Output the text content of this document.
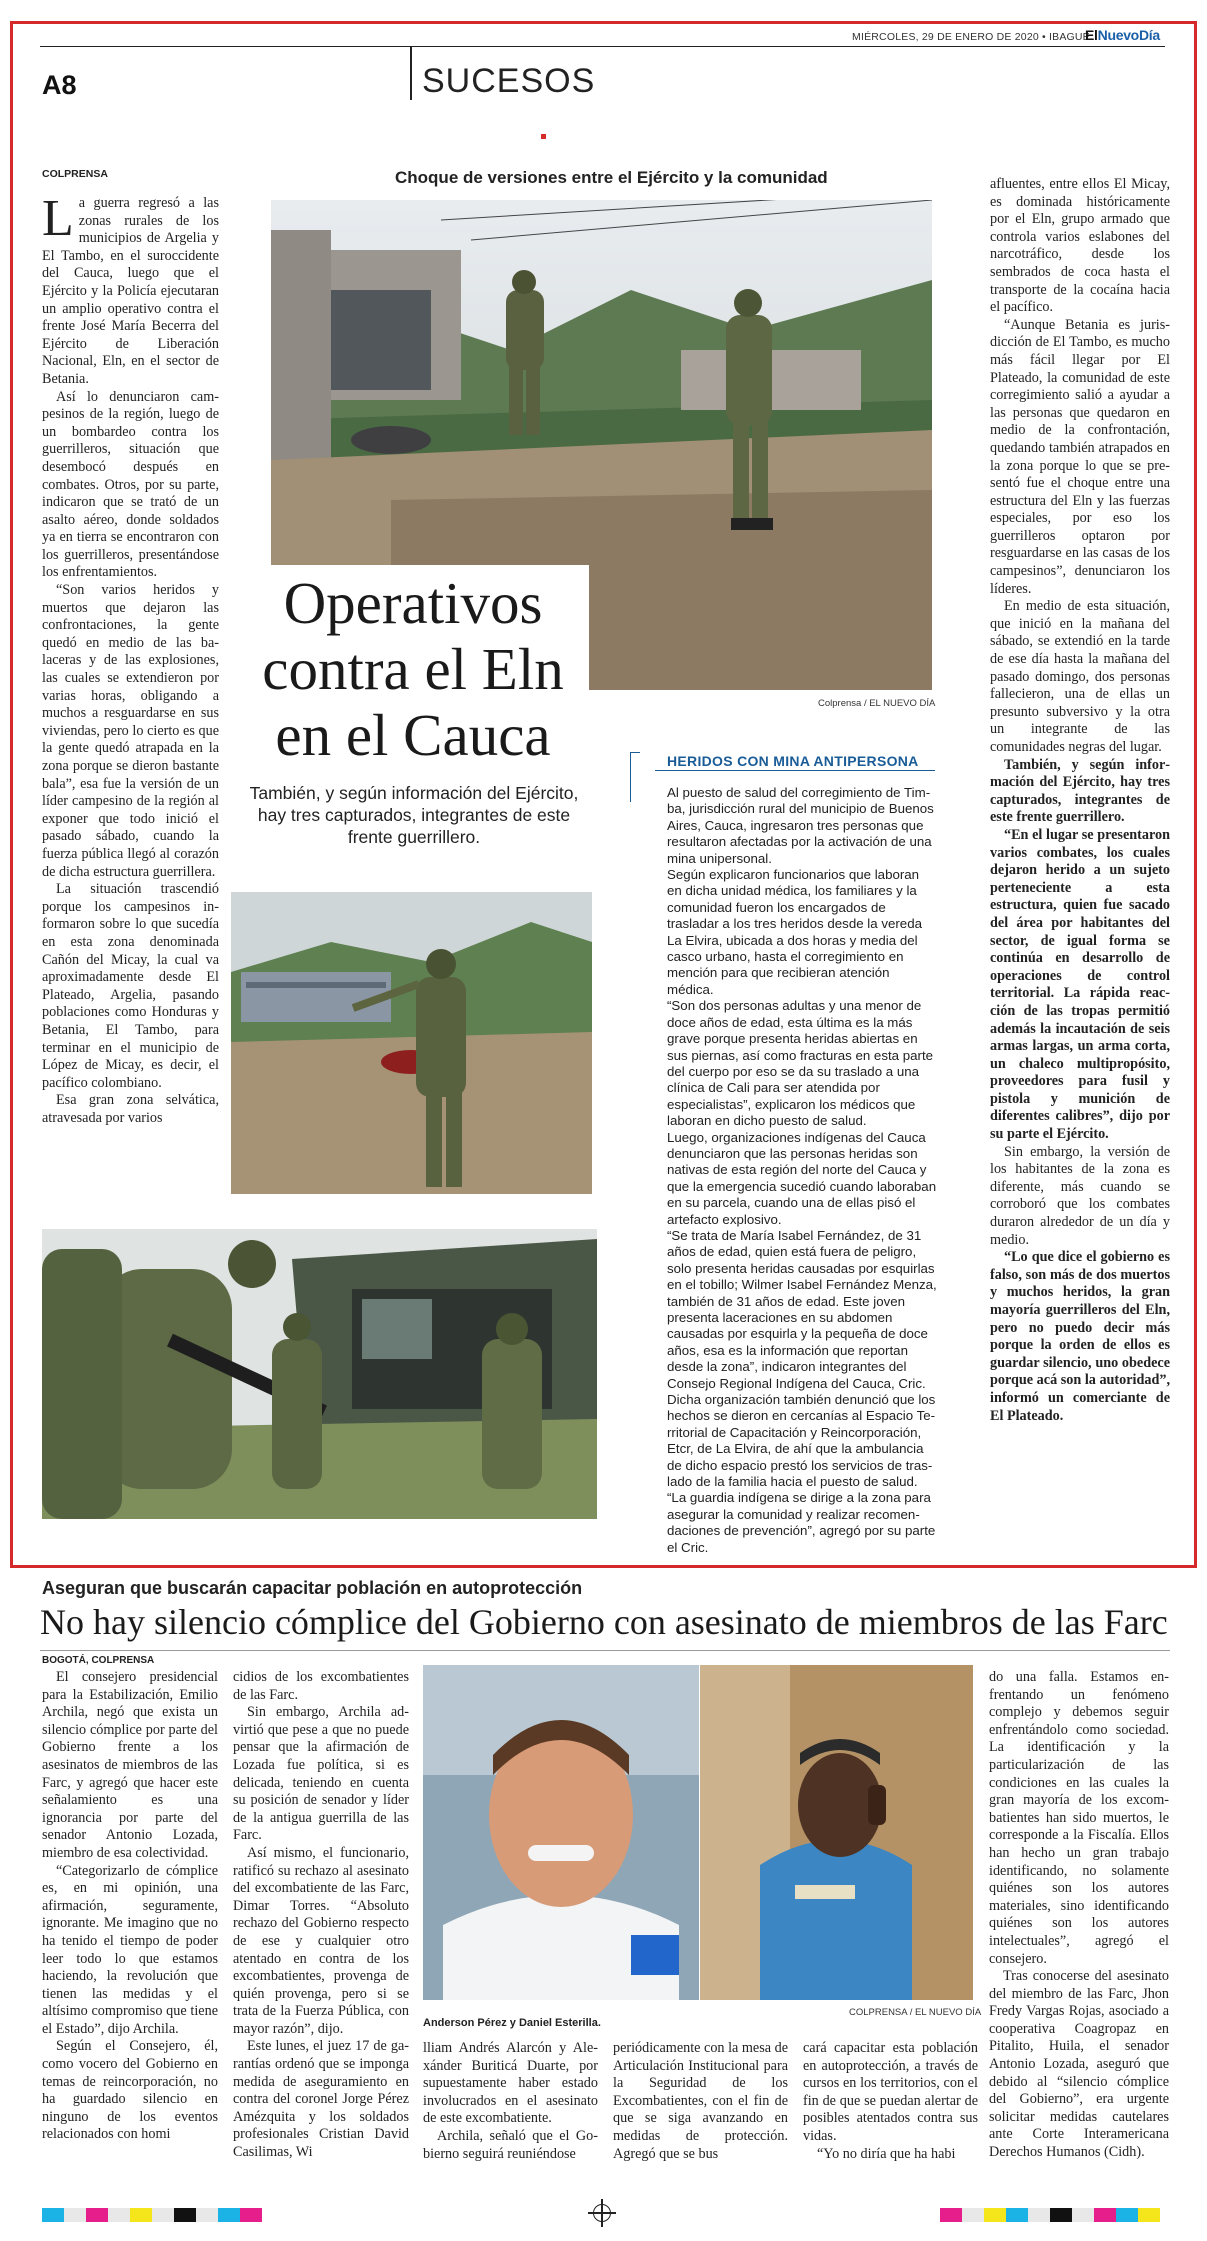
MIÉRCOLES, 29 DE ENERO DE 2020 • IBAGUÉ
ElNuevoDía
A8	SUCESOS
COLPRENSA	Choque de versiones entre el Ejército y la comunidad

La guerra regresó a las zonas rurales de los municipios de Argelia y El Tambo, en el suroccidente del Cauca, luego que el Ejército y la Policía ejecutaran un amplio operativo contra el frente José María Becerra del Ejército de Liberación Nacional, Eln, en el sector de Betania.

Así lo denunciaron campesinos de la región, luego de un bombardeo contra los guerrilleros, situación que desembocó después en combates. Otros, por su parte, indicaron que se trató de un asalto aéreo, donde soldados ya en tierra se encontraron con los guerrilleros, presentándose los enfrentamientos.

“Son varios heridos y muertos que dejaron las confrontaciones, la gente quedó en medio de las balaceras y de las explosiones, las cuales se extendieron por varias horas, obligando a muchos a resguardarse en sus viviendas, pero lo cierto es que la gente quedó atrapada en la zona porque se dieron bastante bala”, esa fue la versión de un líder campesino de la región al exponer que todo inició el pasado sábado, cuando la fuerza pública llegó al corazón de dicha estructura guerrillera.

La situación trascendió porque los campesinos informaron sobre lo que sucedía en esta zona denominada Cañón del Micay, la cual va aproximadamente desde El Plateado, Argelia, pasando poblaciones como Honduras y Betania, El Tambo, para terminar en el municipio de López de Micay, es decir, el pacífico colombiano.

Esa gran zona selvática, atravesada por varios

Operativos
contra el Eln
en el Cauca	Colprensa / EL NUEVO DÍA
También, y según información del Ejército, hay tres capturados, integrantes de este frente guerrillero.
HERIDOS CON MINA ANTIPERSONA

Al puesto de salud del corregimiento de Timba, jurisdicción rural del municipio de Buenos Aires, Cauca, ingresaron tres personas que resultaron afectadas por la activación de una mina unipersonal.

Según explicaron funcionarios que laboran en dicha unidad médica, los familiares y la comunidad fueron los encargados de trasladar a los tres heridos desde la vereda La Elvira, ubicada a dos horas y media del casco urbano, hasta el corregimiento en mención para que recibieran atención médica.

“Son dos personas adultas y una menor de doce años de edad, esta última es la más grave porque presenta heridas abiertas en sus piernas, así como fracturas en esta parte del cuerpo por eso se da su traslado a una clínica de Cali para ser atendida por especialistas”, explicaron los médicos que laboran en dicho puesto de salud.

Luego, organizaciones indígenas del Cauca denunciaron que las personas heridas son nativas de esta región del norte del Cauca y que la emergencia sucedió cuando laboraban en su parcela, cuando una de ellas pisó el artefacto explosivo.

“Se trata de María Isabel Fernández, de 31 años de edad, quien está fuera de peligro, solo presenta heridas causadas por esquirlas en el tobillo; Wilmer Isabel Fernández Menza, también de 31 años de edad. Este joven presenta laceraciones en su abdomen causadas por esquirla y la pequeña de doce años, esa es la información que reportan desde la zona”, indicaron integrantes del Consejo Regional Indígena del Cauca, Cric.

Dicha organización también denunció que los hechos se dieron en cercanías al Espacio Territorial de Capacitación y Reincorporación, Etcr, de La Elvira, de ahí que la ambulancia de dicho espacio prestó los servicios de traslado de la familia hacia el puesto de salud.

“La guardia indígena se dirige a la zona para asegurar la comunidad y realizar recomendaciones de prevención”, agregó por su parte el Cric.

afluentes, entre ellos El Micay, es dominada históricamente por el Eln, grupo armado que controla varios eslabones del narcotráfico, desde los sembrados de coca hasta el transporte de la cocaína hacia el pacífico.

“Aunque Betania es jurisdicción de El Tambo, es mucho más fácil llegar por El Plateado, la comunidad de este corregimiento salió a ayudar a las personas que quedaron en medio de la confrontación, quedando también atrapados en la zona porque lo que se presentó fue el choque entre una estructura del Eln y las fuerzas especiales, por eso los guerrilleros optaron por resguardarse en las casas de los campesinos”, denunciaron los líderes.

En medio de esta situación, que inició en la mañana del sábado, se extendió en la tarde de ese día hasta la mañana del pasado domingo, dos personas fallecieron, una de ellas un presunto subversivo y la otra un integrante de las comunidades negras del lugar.

También, y según información del Ejército, hay tres capturados, integrantes de este frente guerrillero.

“En el lugar se presentaron varios combates, los cuales dejaron herido a un sujeto perteneciente a esta estructura, quien fue sacado del área por habitantes del sector, de igual forma se continúa en desarrollo de operaciones de control territorial. La rápida reacción de las tropas permitió además la incautación de seis armas largas, un arma corta, un chaleco multipropósito, proveedores para fusil y pistola y munición de diferentes calibres”, dijo por su parte el Ejército.

Sin embargo, la versión de los habitantes de la zona es diferente, más cuando se corroboró que los combates duraron alrededor de un día y medio.

“Lo que dice el gobierno es falso, son más de dos muertos y muchos heridos, la gran mayoría guerrilleros del Eln, pero no puedo decir más porque la orden de ellos es guardar silencio, uno obedece porque acá son la autoridad”, informó un comerciante de El Plateado.

Aseguran que buscarán capacitar población en autoprotección
No hay silencio cómplice del Gobierno con asesinato de miembros de las Farc
BOGOTÁ, COLPRENSA

El consejero presidencial para la Estabilización, Emilio Archila, negó que exista un silencio cómplice por parte del Gobierno frente a los asesinatos de miembros de las Farc, y agregó que hacer este señalamiento es una ignorancia por parte del senador Antonio Lozada, miembro de esa colectividad.

“Categorizarlo de cómplice es, en mi opinión, una afirmación, seguramente, ignorante. Me imagino que no ha tenido el tiempo de poder leer todo lo que estamos haciendo, la revolución que tienen las medidas y el altísimo compromiso que tiene el Estado”, dijo Archila.

Según el Consejero, él, como vocero del Gobierno en temas de reincorporación, no ha guardado silencio en ninguno de los eventos relacionados con homi

cidios de los excombatientes de las Farc.

Sin embargo, Archila advirtió que pese a que no puede pensar que la afirmación de Lozada fue política, si es delicada, teniendo en cuenta su posición de senador y líder de la antigua guerrilla de las Farc.

Así mismo, el funcionario, ratificó su rechazo al asesinato del excombatiente de las Farc, Dimar Torres. “Absoluto rechazo del Gobierno respecto de ese y cualquier otro atentado en contra de los excombatientes, provenga de quién provenga, pero si se trata de la Fuerza Pública, con mayor razón”, dijo.

Este lunes, el juez 17 de garantías ordenó que se imponga medida de aseguramiento en contra del coronel Jorge Pérez Amézquita y los soldados profesionales Cristian David Casilimas, Wi

Anderson Pérez y Daniel Esterilla.
COLPRENSA / EL NUEVO DÍA

lliam Andrés Alarcón y Alexánder Buriticá Duarte, por supuestamente haber estado involucrados en el asesinato de este excombatiente.

Archila, señaló que el Gobierno seguirá reuniéndose

periódicamente con la mesa de Articulación Institucional para la Seguridad de los Excombatientes, con el fin de que se siga avanzando en medidas de protección. Agregó que se bus

cará capacitar esta población en autoprotección, a través de cursos en los territorios, con el fin de que se puedan alertar de posibles atentados contra sus vidas.

“Yo no diría que ha habi

do una falla. Estamos enfrentando un fenómeno complejo y debemos seguir enfrentándolo como sociedad. La identificación y la particularización de las condiciones en las cuales la gran mayoría de los excombatientes han sido muertos, le corresponde a la Fiscalía. Ellos han hecho un gran trabajo identificando, no solamente quiénes son los autores materiales, sino identificando quiénes son los autores intelectuales”, agregó el consejero.

Tras conocerse del asesinato del miembro de las Farc, Jhon Fredy Vargas Rojas, asociado a cooperativa Coagropaz en Pitalito, Huila, el senador Antonio Lozada, aseguró que debido al “silencio cómplice del Gobierno”, era urgente solicitar medidas cautelares ante Corte Interamericana Derechos Humanos (Cidh).
